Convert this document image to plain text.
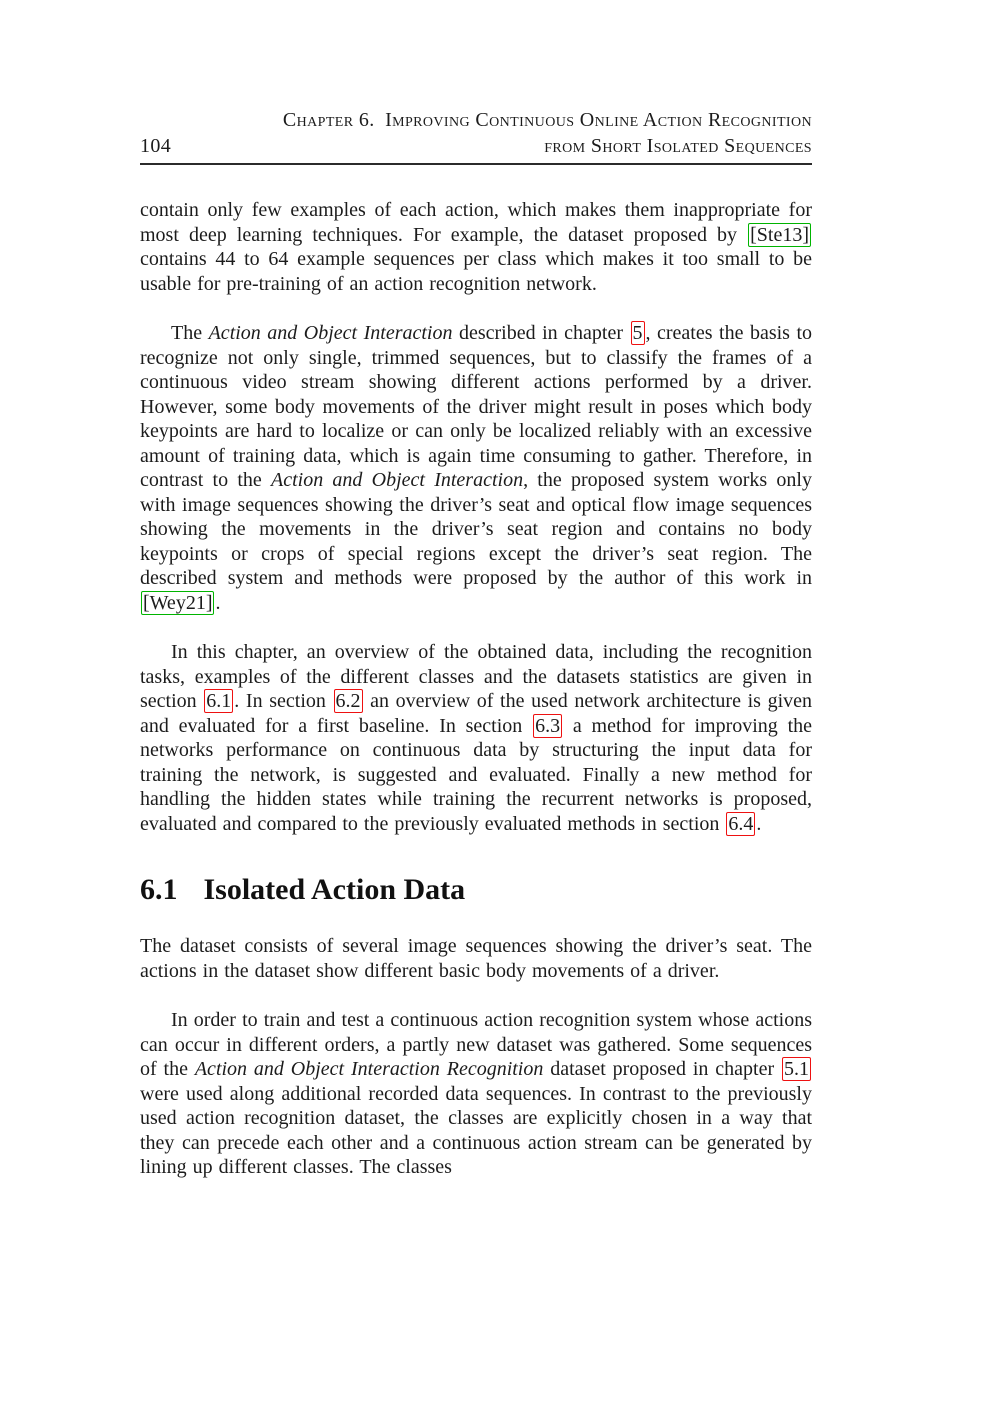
104
Chapter 6. Improving Continuous Online Action Recognition
from Short Isolated Sequences

contain only few examples of each action, which makes them inappropriate for most deep learning techniques. For example, the dataset proposed by [Ste13] contains 44 to 64 example sequences per class which makes it too small to be usable for pre-training of an action recognition network.

The Action and Object Interaction described in chapter 5 , creates the basis to recognize not only single, trimmed sequences, but to classify the frames of a continuous video stream showing different actions performed by a driver. However, some body movements of the driver might result in poses which body keypoints are hard to localize or can only be localized reliably with an excessive amount of training data, which is again time consuming to gather. Therefore, in contrast to the Action and Object Interaction, the proposed system works only with image sequences showing the driver’s seat and optical flow image sequences showing the movements in the driver’s seat region and contains no body keypoints or crops of special regions except the driver’s seat region. The described system and methods were proposed by the author of this work in [Wey21] .

In this chapter, an overview of the obtained data, including the recognition tasks, examples of the different classes and the datasets statistics are given in section 6.1 . In section 6.2 an overview of the used network architecture is given and evaluated for a first baseline. In section 6.3 a method for improving the networks performance on continuous data by structuring the input data for training the network, is suggested and evaluated. Finally a new method for handling the hidden states while training the recurrent networks is proposed, evaluated and compared to the previously evaluated methods in section 6.4 .

6.1 Isolated Action Data

The dataset consists of several image sequences showing the driver’s seat. The actions in the dataset show different basic body movements of a driver.

In order to train and test a continuous action recognition system whose actions can occur in different orders, a partly new dataset was gathered. Some sequences of the Action and Object Interaction Recognition dataset proposed in chapter 5.1 were used along additional recorded data sequences. In contrast to the previously used action recognition dataset, the classes are explicitly chosen in a way that they can precede each other and a continuous action stream can be generated by lining up different classes. The classes
